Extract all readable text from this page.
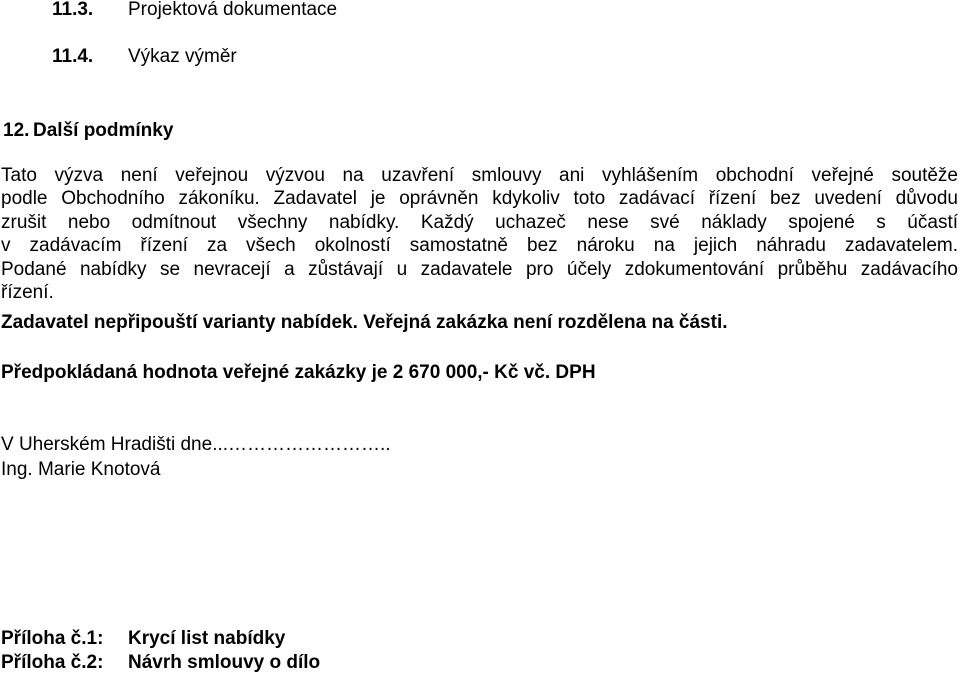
11.3. Projektová dokumentace
11.4. Výkaz výměr
12. Další podmínky
Tato výzva není veřejnou výzvou na uzavření smlouvy ani vyhlášením obchodní veřejné soutěže
podle Obchodního zákoníku. Zadavatel je oprávněn kdykoliv toto zadávací řízení bez uvedení důvodu
zrušit nebo odmítnout všechny nabídky. Každý uchazeč nese své náklady spojené s účastí
v zadávacím řízení za všech okolností samostatně bez nároku na jejich náhradu zadavatelem.
Podané nabídky se nevracejí a zůstávají u zadavatele pro účely zdokumentování průběhu zadávacího
řízení.
Zadavatel nepřipouští varianty nabídek. Veřejná zakázka není rozdělena na části.
Předpokládaná hodnota veřejné zakázky je 2 670 000,- Kč vč. DPH
V Uherském Hradišti dne...……………………..
Ing. Marie Knotová
Příloha č.1: Krycí list nabídky
Příloha č.2: Návrh smlouvy o dílo
